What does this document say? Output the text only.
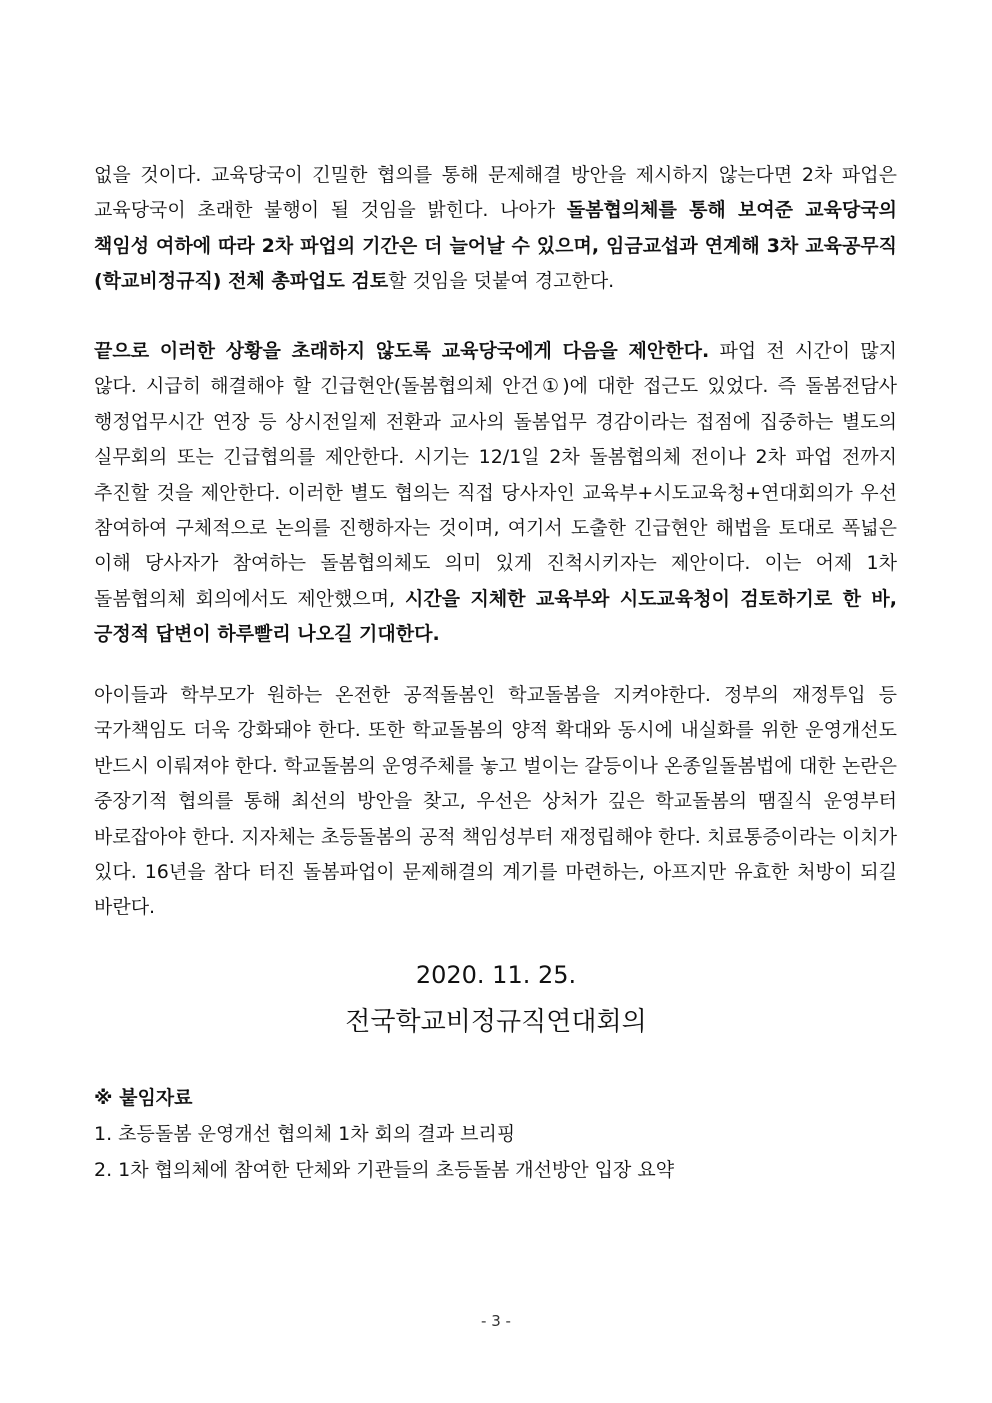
없을 것이다. 교육당국이 긴밀한 협의를 통해 문제해결 방안을 제시하지 않는다면 2차 파업은 교육당국이 초래한 불행이 될 것임을 밝힌다. 나아가 돌봄협의체를 통해 보여준 교육당국의 책임성 여하에 따라 2차 파업의 기간은 더 늘어날 수 있으며, 임금교섭과 연계해 3차 교육공무직(학교비정규직) 전체 총파업도 검토할 것임을 덧붙여 경고한다.

끝으로 이러한 상황을 초래하지 않도록 교육당국에게 다음을 제안한다. 파업 전 시간이 많지 않다. 시급히 해결해야 할 긴급현안(돌봄협의체 안건①)에 대한 접근도 있었다. 즉 돌봄전담사 행정업무시간 연장 등 상시전일제 전환과 교사의 돌봄업무 경감이라는 접점에 집중하는 별도의 실무회의 또는 긴급협의를 제안한다. 시기는 12/1일 2차 돌봄협의체 전이나 2차 파업 전까지 추진할 것을 제안한다. 이러한 별도 협의는 직접 당사자인 교육부+시도교육청+연대회의가 우선 참여하여 구체적으로 논의를 진행하자는 것이며, 여기서 도출한 긴급현안 해법을 토대로 폭넓은 이해 당사자가 참여하는 돌봄협의체도 의미 있게 진척시키자는 제안이다. 이는 어제 1차 돌봄협의체 회의에서도 제안했으며, 시간을 지체한 교육부와 시도교육청이 검토하기로 한 바, 긍정적 답변이 하루빨리 나오길 기대한다.

아이들과 학부모가 원하는 온전한 공적돌봄인 학교돌봄을 지켜야한다. 정부의 재정투입 등 국가책임도 더욱 강화돼야 한다. 또한 학교돌봄의 양적 확대와 동시에 내실화를 위한 운영개선도 반드시 이뤄져야 한다. 학교돌봄의 운영주체를 놓고 벌이는 갈등이나 온종일돌봄법에 대한 논란은 중장기적 협의를 통해 최선의 방안을 찾고, 우선은 상처가 깊은 학교돌봄의 땜질식 운영부터 바로잡아야 한다. 지자체는 초등돌봄의 공적 책임성부터 재정립해야 한다. 치료통증이라는 이치가 있다. 16년을 참다 터진 돌봄파업이 문제해결의 계기를 마련하는, 아프지만 유효한 처방이 되길 바란다.

2020. 11. 25.
전국학교비정규직연대회의
※ 붙임자료
1. 초등돌봄 운영개선 협의체 1차 회의 결과 브리핑
2. 1차 협의체에 참여한 단체와 기관들의 초등돌봄 개선방안 입장 요약
- 3 -
